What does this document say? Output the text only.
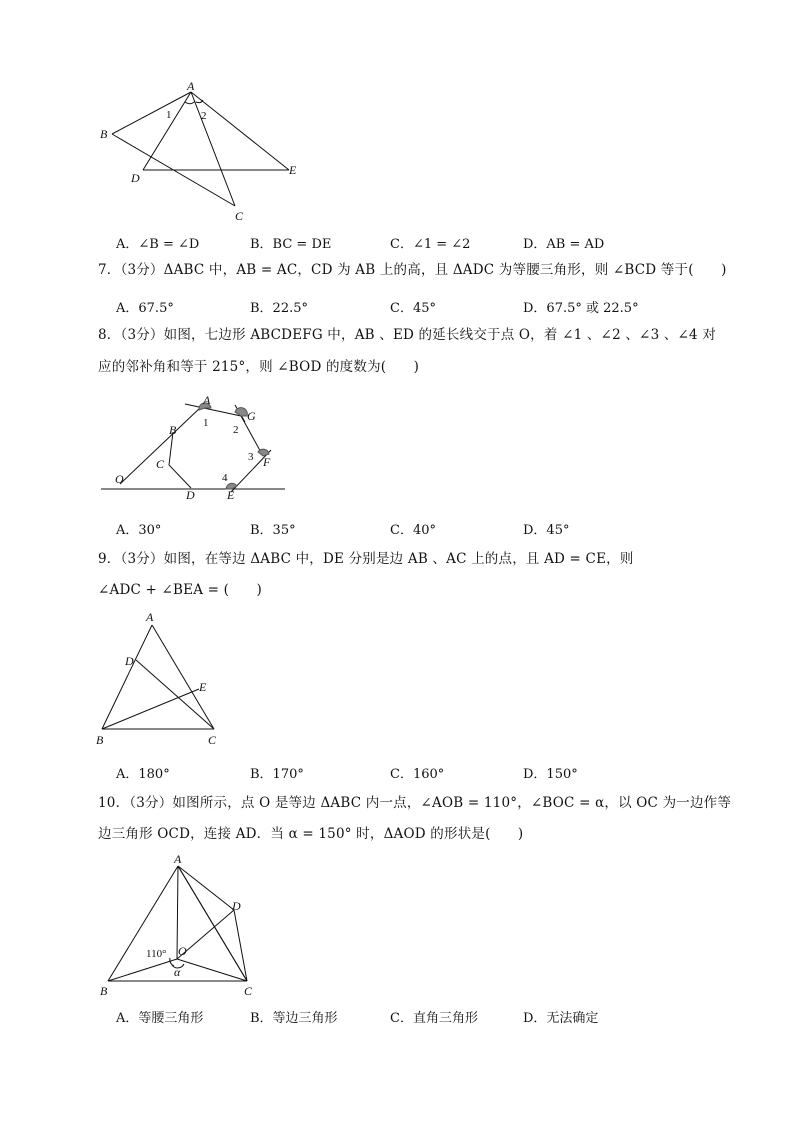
A
B
C
D
E
1	2
A．∠B = ∠D	B．BC = DE	C．∠1 = ∠2	D．AB = AD
7．（3分）ΔABC 中，AB = AC，CD 为 AB 上的高，且 ΔADC 为等腰三角形，则 ∠BCD 等于(　　)
A．67.5°	B．22.5°	C．45°	D．67.5° 或 22.5°
8．（3分）如图，七边形 ABCDEFG 中，AB 、ED 的延长线交于点 O，着 ∠1 、∠2 、∠3 、∠4 对
应的邻补角和等于 215°，则 ∠BOD 的度数为(　　)
A
B
C
D	E
F
G
O
1
2
3
4
A．30°	B．35°	C．40°	D．45°
9．（3分）如图，在等边 ΔABC 中，DE 分别是边 AB 、AC 上的点，且 AD = CE，则
∠ADC + ∠BEA = (　　)
A
B	C
D
E
A．180°	B．170°	C．160°	D．150°
10．（3分）如图所示，点 O 是等边 ΔABC 内一点，∠AOB = 110°，∠BOC = α，以 OC 为一边作等
边三角形 OCD，连接 AD．当 α = 150° 时，ΔAOD 的形状是(　　)
A
B	C
D
O
110°
α
A．等腰三角形	B．等边三角形	C．直角三角形	D．无法确定
